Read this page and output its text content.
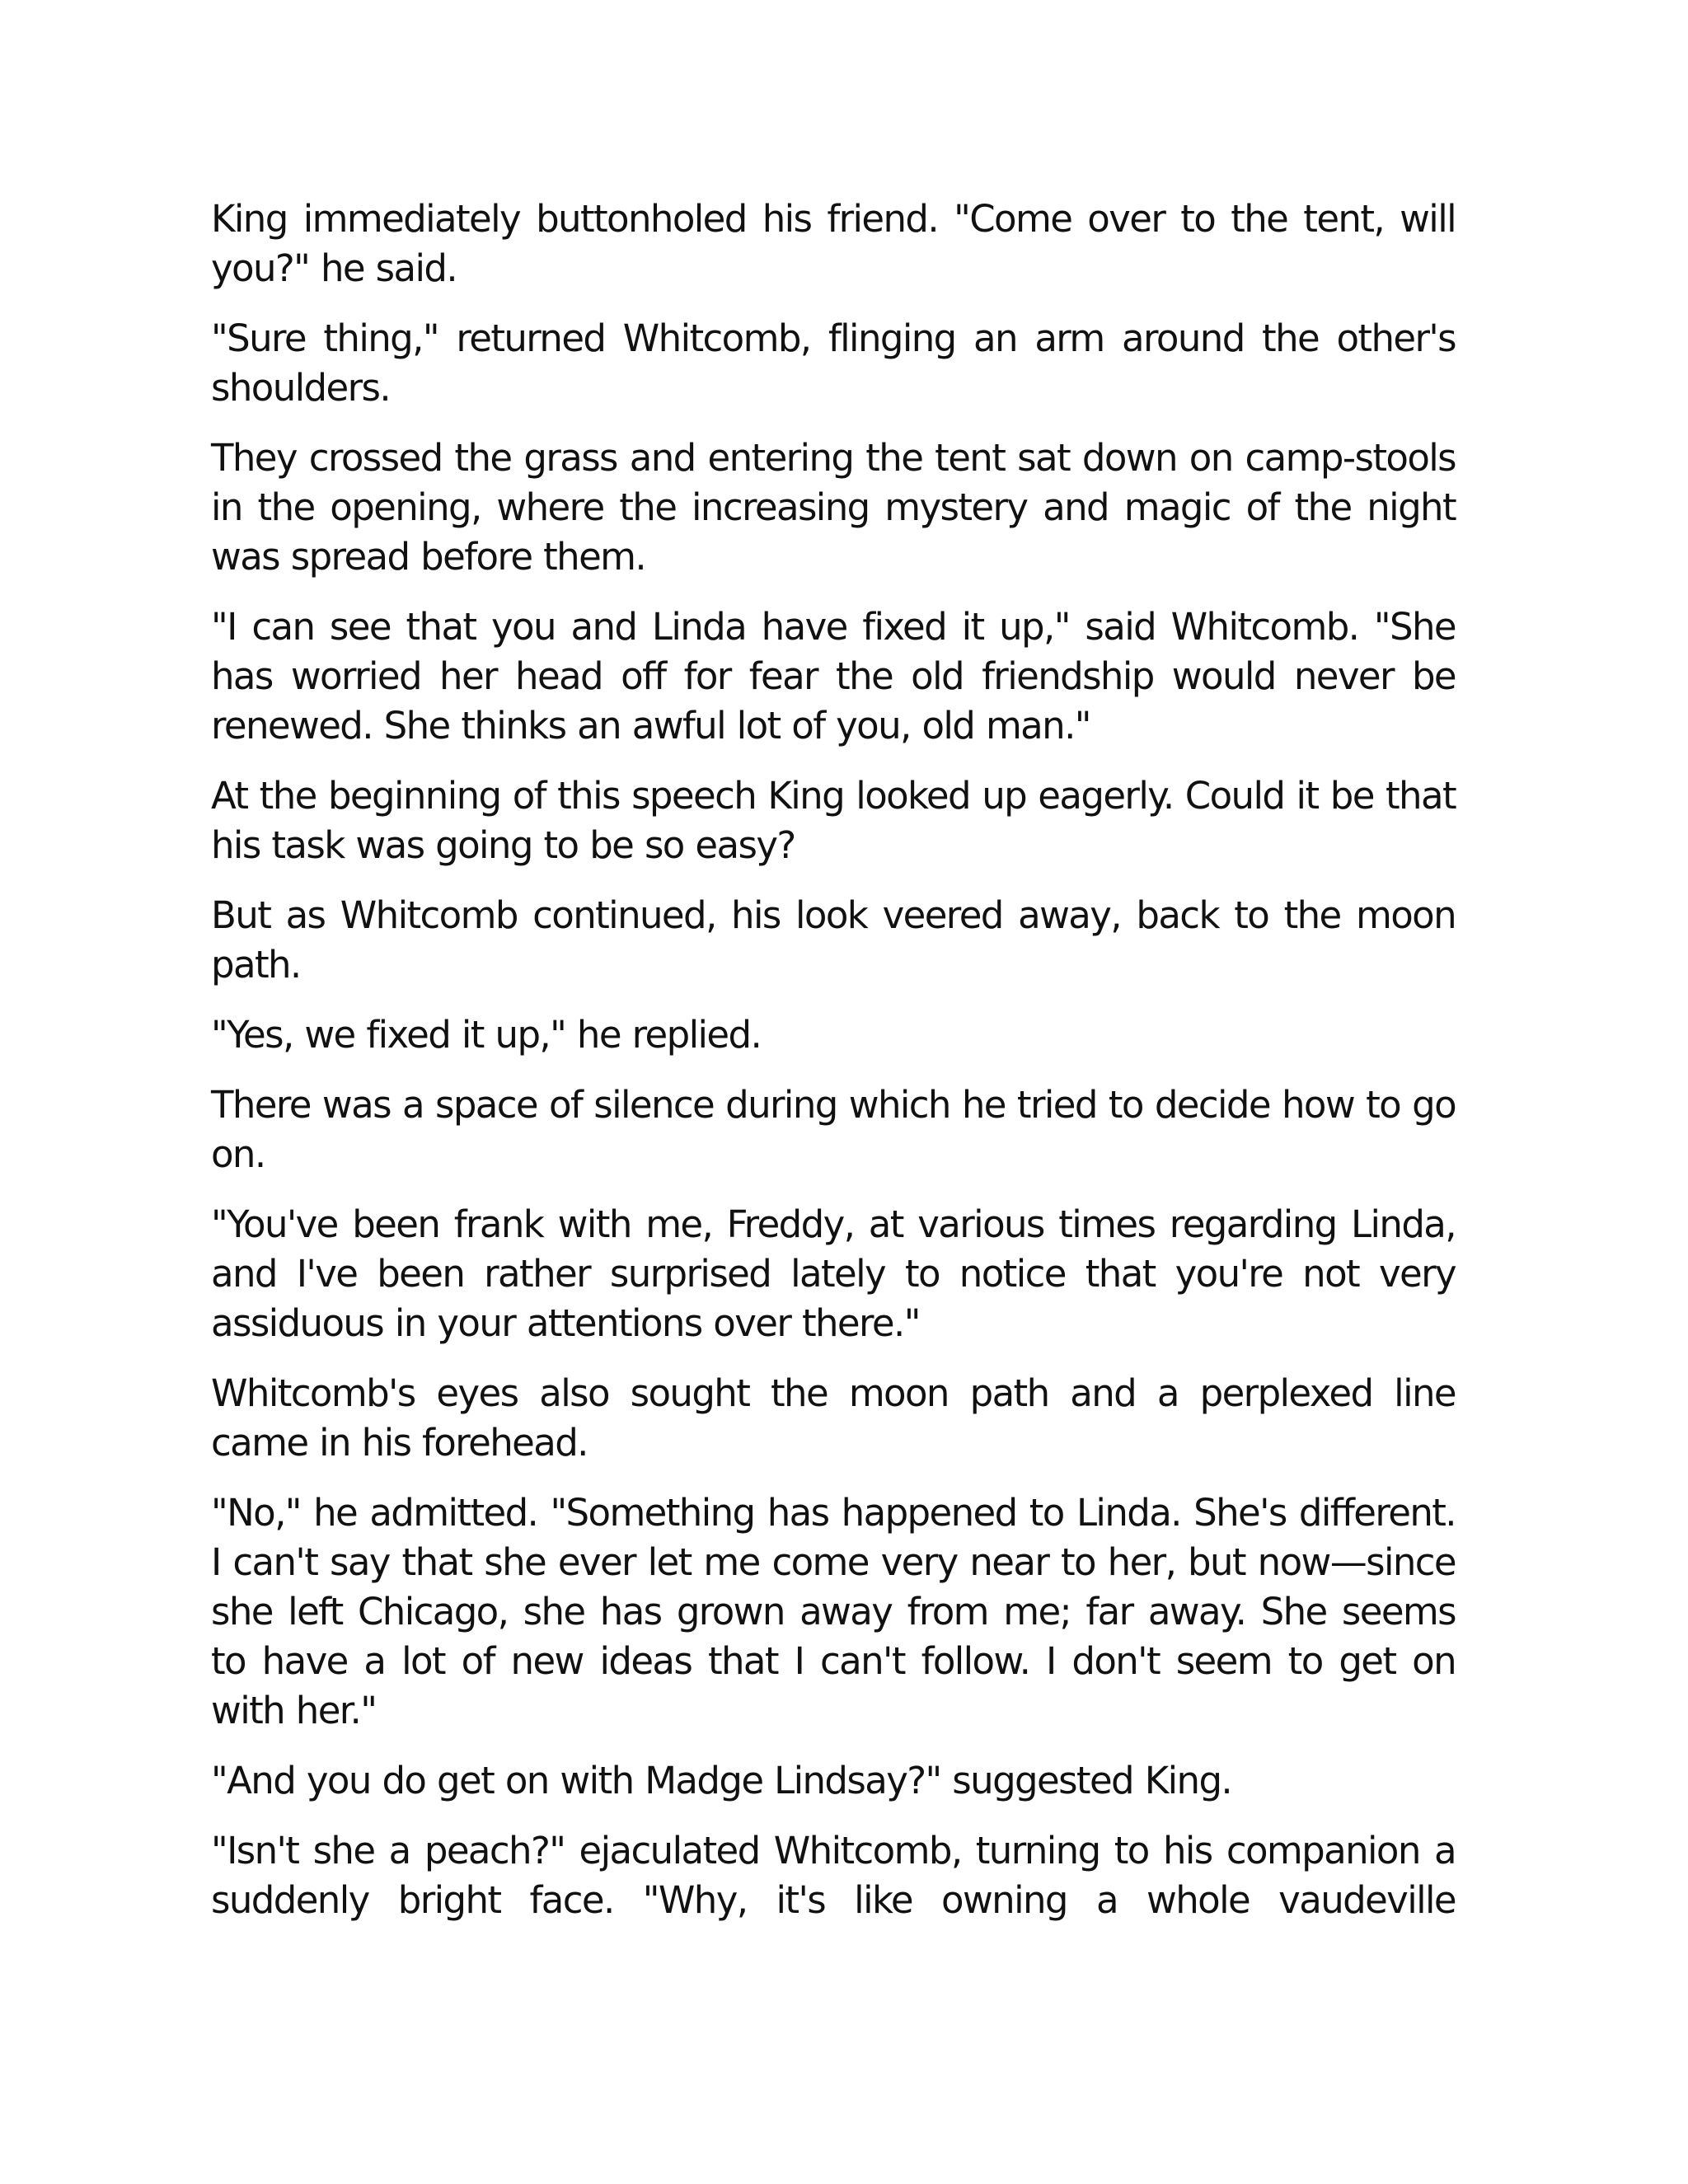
King immediately buttonholed his friend. "Come over to the tent, will you?" he said.

"Sure thing," returned Whitcomb, flinging an arm around the other's shoulders.

They crossed the grass and entering the tent sat down on camp-stools in the opening, where the increasing mystery and magic of the night was spread before them.

"I can see that you and Linda have fixed it up," said Whitcomb. "She has worried her head off for fear the old friendship would never be renewed. She thinks an awful lot of you, old man."

At the beginning of this speech King looked up eagerly. Could it be that his task was going to be so easy?

But as Whitcomb continued, his look veered away, back to the moon path.

"Yes, we fixed it up," he replied.

There was a space of silence during which he tried to decide how to go on.

"You've been frank with me, Freddy, at various times regarding Linda, and I've been rather surprised lately to notice that you're not very assiduous in your attentions over there."

Whitcomb's eyes also sought the moon path and a perplexed line came in his forehead.

"No," he admitted. "Something has happened to Linda. She's different. I can't say that she ever let me come very near to her, but now—since she left Chicago, she has grown away from me; far away. She seems to have a lot of new ideas that I can't follow. I don't seem to get on with her."

"And you do get on with Madge Lindsay?" suggested King.

"Isn't she a peach?" ejaculated Whitcomb, turning to his companion a suddenly bright face. "Why, it's like owning a whole vaudeville
